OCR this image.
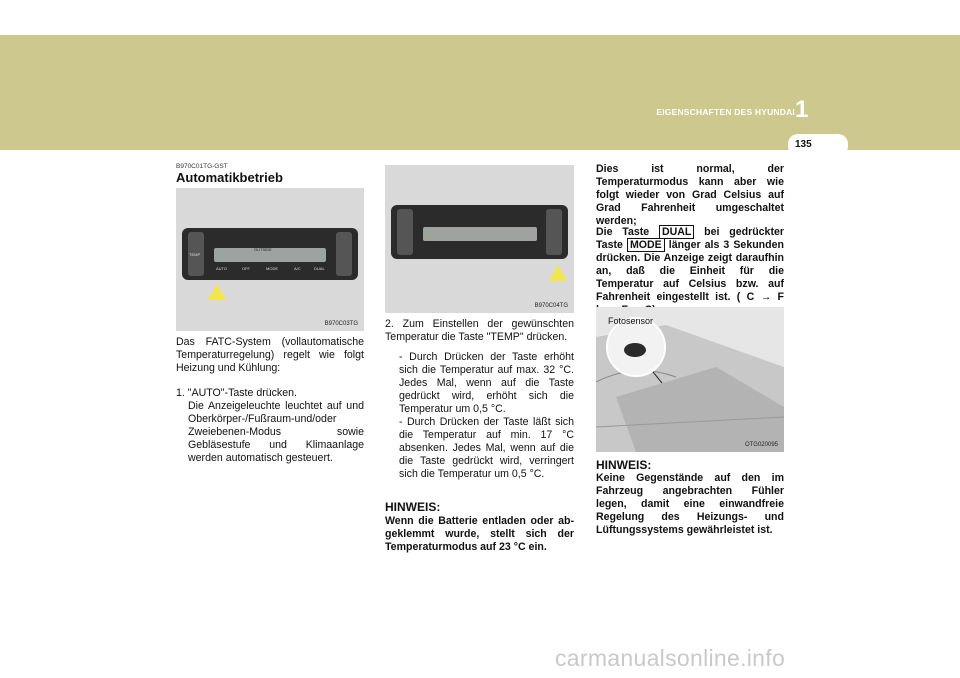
EIGENSCHAFTEN DES HYUNDAI 1
135
B970C01TG-GST
Automatikbetrieb
OUTSIDE
AUTO	OFF	MODE	A/C	DUAL
TEMP
B970C03TG
Das FATC-System (vollautomatische Temperaturregelung) regelt wie folgt Heizung und Kühlung:
1. "AUTO"-Taste drücken.
Die Anzeigeleuchte leuchtet auf und Oberkörper-/Fußraum-und/oder Zweiebenen-Modus sowie Gebläsestufe und Klimaanlage werden automatisch gesteuert.
B970C04TG
2. Zum Einstellen der gewünschten Temperatur die Taste "TEMP" drücken.
- Durch Drücken der Taste erhöht sich die Temperatur auf max. 32 °C. Jedes Mal, wenn auf die Taste gedrückt wird, erhöht sich die Temperatur um 0,5 °C.
- Durch Drücken der Taste läßt sich die Temperatur auf min. 17 °C absenken. Jedes Mal, wenn auf die die Taste gedrückt wird, verringert sich die Temperatur um 0,5 °C.
HINWEIS:
Wenn die Batterie entladen oder ab-geklemmt wurde, stellt sich der Temperaturmodus auf 23 °C ein.
Dies ist normal, der Temperaturmodus kann aber wie folgt wieder von Grad Celsius auf Grad Fahrenheit umgeschaltet werden;
Die Taste DUAL bei gedrückter Taste MODE länger als 3 Sekunden drücken. Die Anzeige zeigt daraufhin an, daß die Einheit für die Temperatur auf Celsius bzw. auf Fahrenheit eingestellt ist. ( C → F
Fotosensor
OTG020095
HINWEIS:
Keine Gegenstände auf den im Fahrzeug angebrachten Fühler legen, damit eine einwandfreie Regelung des Heizungs- und Lüftungssystems gewährleistet ist.
carmanualsonline.info
